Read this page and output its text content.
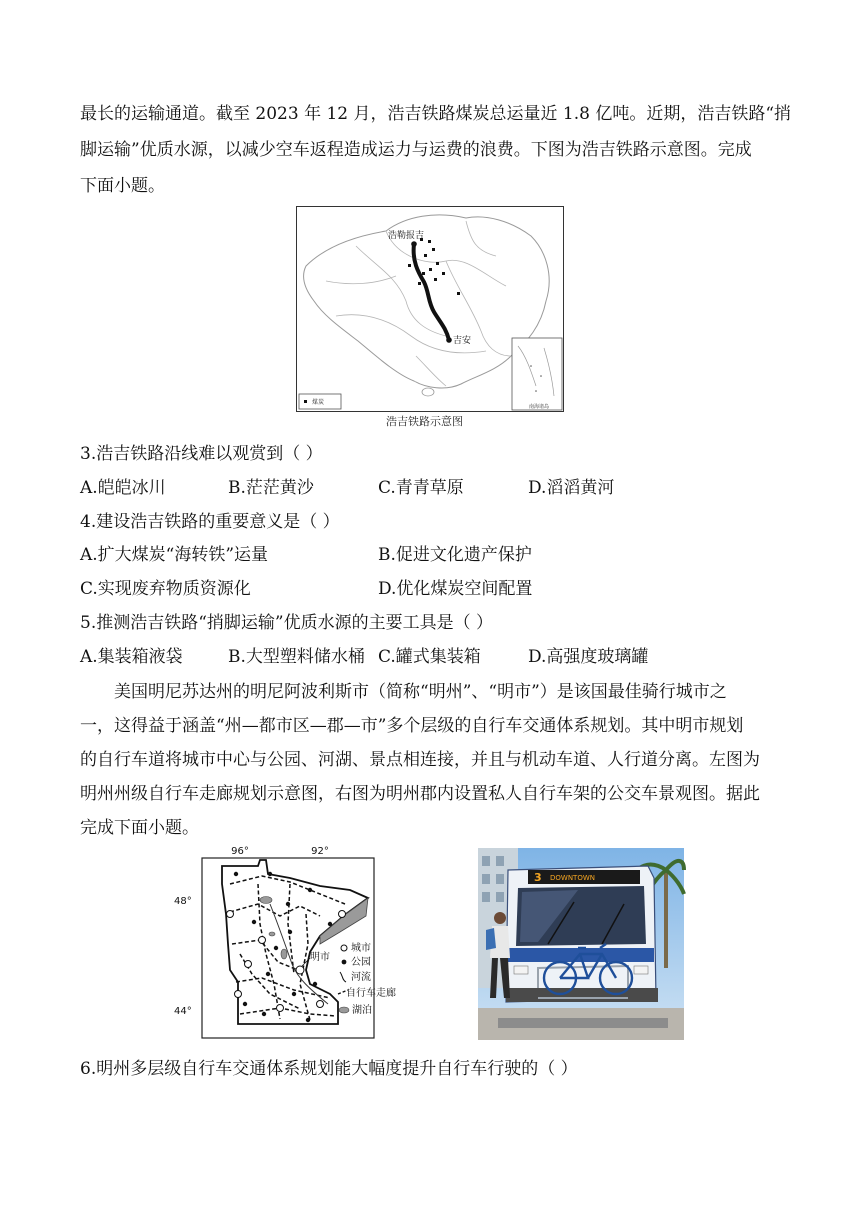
最长的运输通道。截至 2023 年 12 月，浩吉铁路煤炭总运量近 1.8 亿吨。近期，浩吉铁路“捎
脚运输”优质水源，以减少空车返程造成运力与运费的浪费。下图为浩吉铁路示意图。完成
下面小题。
浩勒报吉
吉安
南海诸岛
煤炭
浩吉铁路示意图
3.浩吉铁路沿线难以观赏到（ ）
A.皑皑冰川	B.茫茫黄沙	C.青青草原	D.滔滔黄河
4.建设浩吉铁路的重要意义是（ ）
A.扩大煤炭“海转铁”运量	B.促进文化遗产保护
C.实现废弃物质资源化	D.优化煤炭空间配置
5.推测浩吉铁路“捎脚运输”优质水源的主要工具是（ ）
A.集装箱液袋	B.大型塑料储水桶 C.罐式集装箱	D.高强度玻璃罐
美国明尼苏达州的明尼阿波利斯市（简称“明州”、“明市”）是该国最佳骑行城市之
一，这得益于涵盖“州—都市区—郡—市”多个层级的自行车交通体系规划。其中明市规划
的自行车道将城市中心与公园、河湖、景点相连接，并且与机动车道、人行道分离。左图为
明州州级自行车走廊规划示意图，右图为明州郡内设置私人自行车架的公交车景观图。据此
完成下面小题。
96°	92°
48°
44°
明市
城市
公园
河流
自行车走廊
湖泊
3 DOWNTOWN
6.明州多层级自行车交通体系规划能大幅度提升自行车行驶的（ ）
